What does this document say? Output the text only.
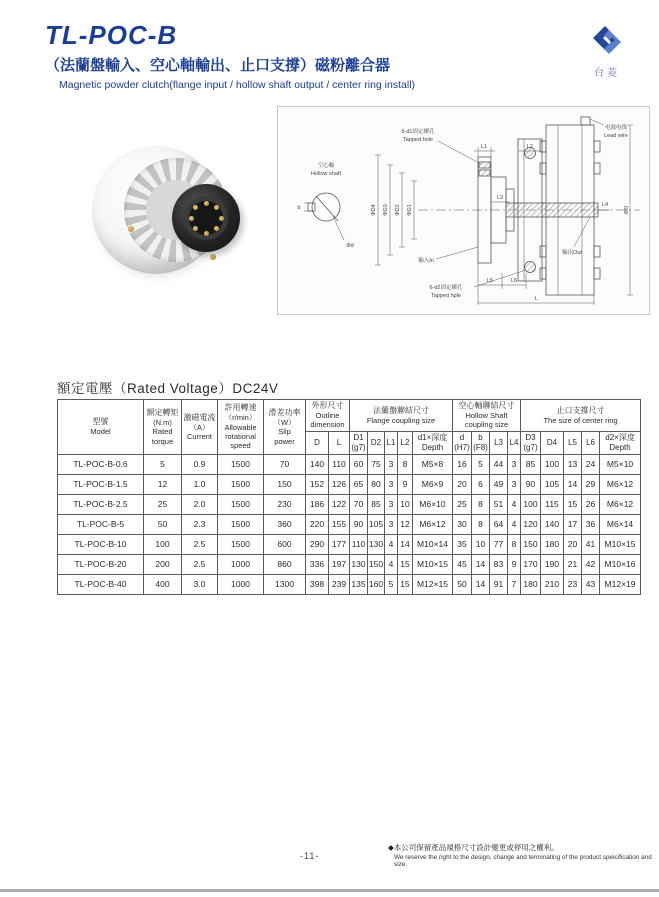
TL-POC-B
（法蘭盤輸入、空心軸輸出、止口支撐）磁粉離合器
Magnetic powder clutch(flange input / hollow shaft output / center ring install)
台菱
空心軸
Hollow shaft
b
Φd
6-d1固定螺孔
Tapped hole
L1	L2
电源电线
Lead wire
ΦD4 ΦD3 ΦD2 ΦD1
L3
L4
ΦD
輸出Out
輸入In
6-d2固定螺孔
Tapped hple
L5	L6
L
額定電壓（Rated Voltage）DC24V
型號
Model

額定轉矩
(N.m)
Rated
torque

激磁電流
（A）
Current

許用轉速
（r/min）
Allowable
rotational
speed

滑差功率
（W）
Slip
power

外形尺寸
Outline
dimension

法蘭盤聯結尺寸
Flange coupling size

空心軸聯結尺寸
Hollow Shaft
coupling size

止口支撐尺寸
The size of center ring

D	L	
D1
(g7)
	D2	L1	L2	
d1×深度
Depth

d
(H7)

b
(F8)
	L3	L4	
D3
(g7)
	D4	L5	L6	
d2×深度
Depth

TL-POC-B-0.6	5	0.9	1500	70	140	110	60	75	3	8	M5×8	16	5	44	3	85	100	13	24	M5×10
TL-POC-B-1.5	12	1.0	1500	150	152	126	65	80	3	9	M6×9	20	6	49	3	90	105	14	29	M6×12
TL-POC-B-2.5	25	2.0	1500	230	186	122	70	85	3	10	M6×10	25	8	51	4	100	115	15	26	M6×12
TL-POC-B-5	50	2.3	1500	360	220	155	90	105	3	12	M6×12	30	8	64	4	120	140	17	36	M6×14
TL-POC-B-10	100	2.5	1500	600	290	177	110	130	4	14	M10×14	35	10	77	8	150	180	20	41	M10×15
TL-POC-B-20	200	2.5	1000	860	336	197	130	150	4	15	M10×15	45	14	83	9	170	190	21	42	M10×16
TL-POC-B-40	400	3.0	1000	1300	398	239	135	160	5	15	M12×15	50	14	91	7	180	210	23	43	M12×19
-11-
◆本公司保留產品規格尺寸設計變更或停用之權利。
We reserve the right to the design, change and terminating of the product speicification and size.
